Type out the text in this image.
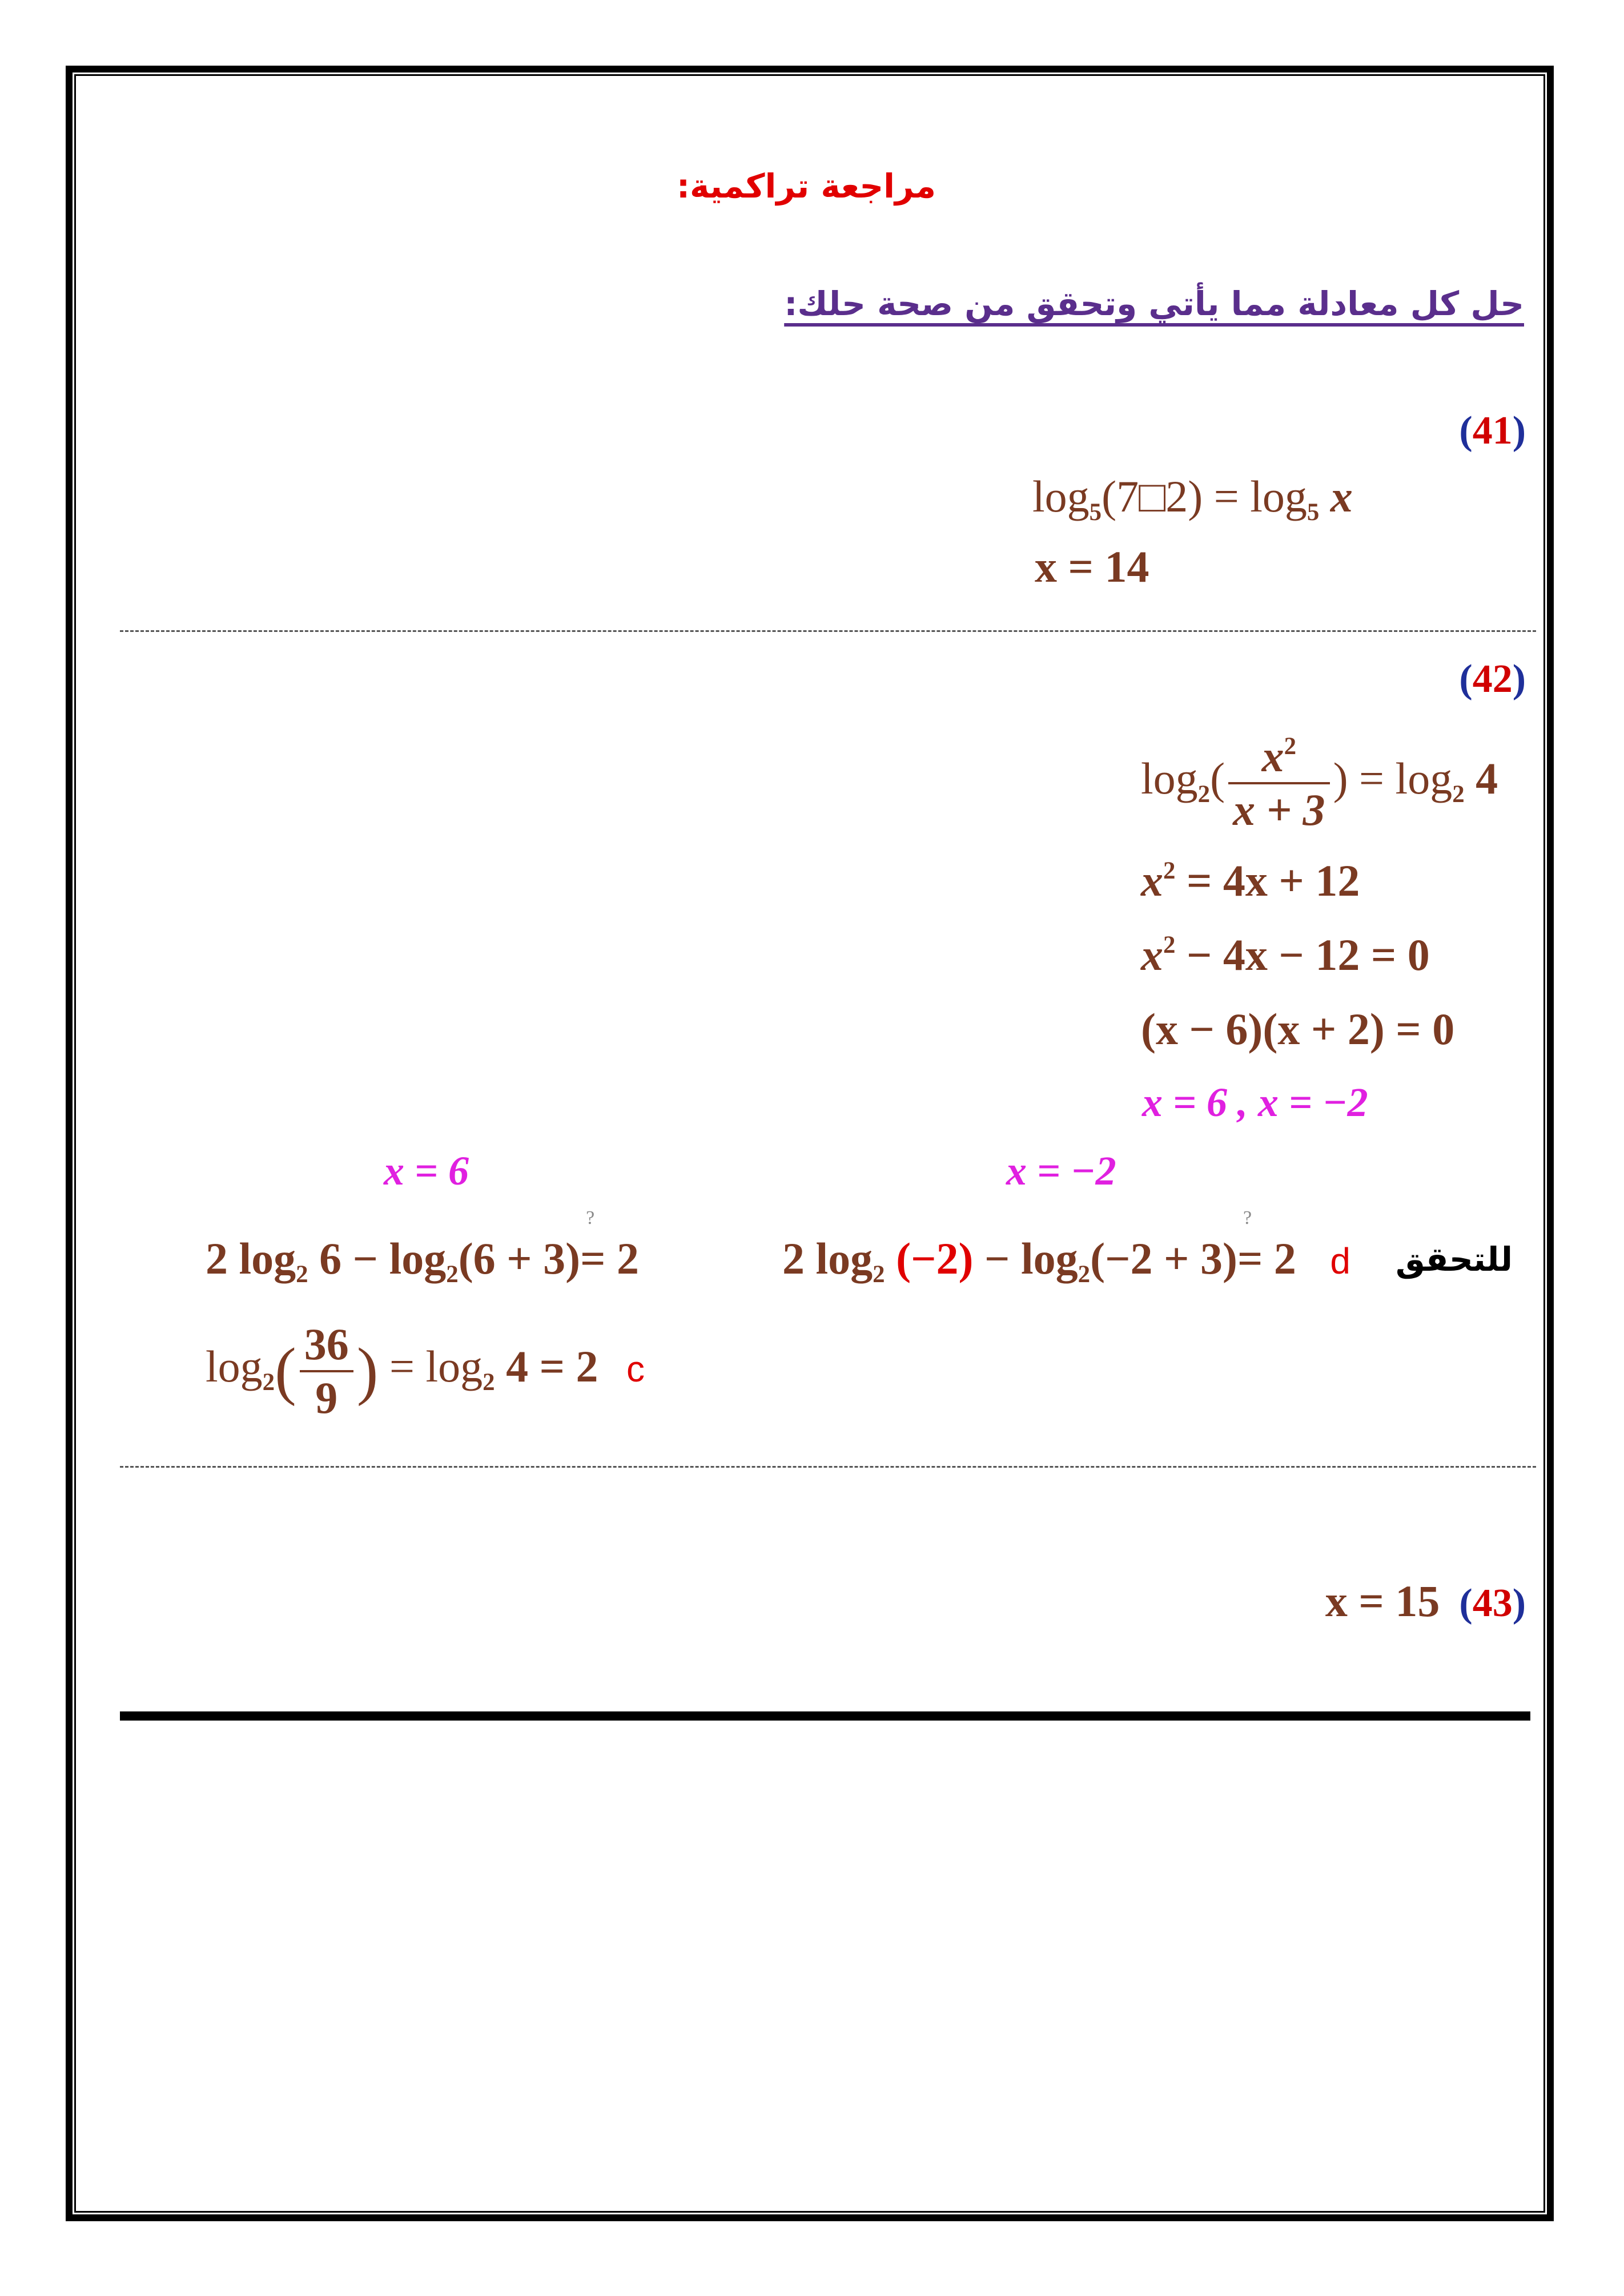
مراجعة تراكمية:
حل كل معادلة مما يأتي وتحقق من صحة حلك:
(41)
$\log_5(7□2) = \log_5 x$
x = 14
(42)
$\log_2( \frac{x^2}{x + 3}$ ) = $\log_2 4$
$x^2 = 4x + 12$
$x^2 - 4x - 12 = 0$
(x − 6)(x + 2) = 0
x = 6 , x = −2
x = 6	x = −2
للتحقق
2 $\log_2 (-2) - \log_2(-2 + 3)$? = 2 d
2 $\log_2 6 - \log_2(6 + 3)$? = 2
$\log_2( \frac{36}{9}$ ) = $\log_2 4 = 2$ c
x = 15 (43)
